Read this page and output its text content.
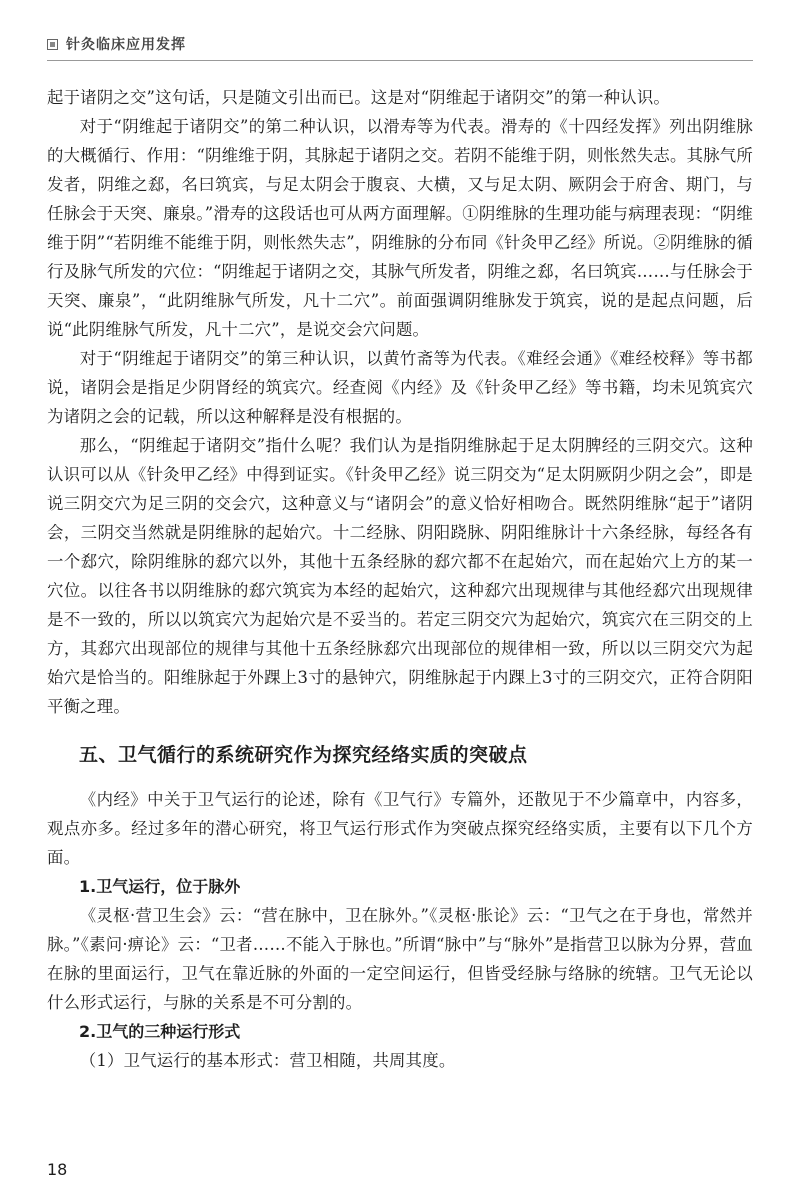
针灸临床应用发挥

起于诸阴之交”这句话，只是随文引出而已。这是对“阴维起于诸阴交”的第一种认识。

对于“阴维起于诸阴交”的第二种认识，以滑寿等为代表。滑寿的《十四经发挥》列出阴维脉的大概循行、作用：“阴维维于阴，其脉起于诸阴之交。若阴不能维于阴，则怅然失志。其脉气所发者，阴维之郄，名曰筑宾，与足太阴会于腹哀、大横，又与足太阴、厥阴会于府舍、期门，与任脉会于天突、廉泉。”滑寿的这段话也可从两方面理解。①阴维脉的生理功能与病理表现：“阴维维于阴”“若阴维不能维于阴，则怅然失志”，阴维脉的分布同《针灸甲乙经》所说。②阴维脉的循行及脉气所发的穴位：“阴维起于诸阴之交，其脉气所发者，阴维之郄，名曰筑宾……与任脉会于天突、廉泉”，“此阴维脉气所发，凡十二穴”。前面强调阴维脉发于筑宾，说的是起点问题，后说“此阴维脉气所发，凡十二穴”，是说交会穴问题。

对于“阴维起于诸阴交”的第三种认识，以黄竹斋等为代表。《难经会通》《难经校释》等书都说，诸阴会是指足少阴肾经的筑宾穴。经查阅《内经》及《针灸甲乙经》等书籍，均未见筑宾穴为诸阴之会的记载，所以这种解释是没有根据的。

那么，“阴维起于诸阴交”指什么呢？我们认为是指阴维脉起于足太阴脾经的三阴交穴。这种认识可以从《针灸甲乙经》中得到证实。《针灸甲乙经》说三阴交为“足太阴厥阴少阴之会”，即是说三阴交穴为足三阴的交会穴，这种意义与“诸阴会”的意义恰好相吻合。既然阴维脉“起于”诸阴会，三阴交当然就是阴维脉的起始穴。十二经脉、阴阳跷脉、阴阳维脉计十六条经脉，每经各有一个郄穴，除阴维脉的郄穴以外，其他十五条经脉的郄穴都不在起始穴，而在起始穴上方的某一穴位。以往各书以阴维脉的郄穴筑宾为本经的起始穴，这种郄穴出现规律与其他经郄穴出现规律是不一致的，所以以筑宾穴为起始穴是不妥当的。若定三阴交穴为起始穴，筑宾穴在三阴交的上方，其郄穴出现部位的规律与其他十五条经脉郄穴出现部位的规律相一致，所以以三阴交穴为起始穴是恰当的。阳维脉起于外踝上3寸的悬钟穴，阴维脉起于内踝上3寸的三阴交穴，正符合阴阳平衡之理。

五、卫气循行的系统研究作为探究经络实质的突破点

《内经》中关于卫气运行的论述，除有《卫气行》专篇外，还散见于不少篇章中，内容多，观点亦多。经过多年的潜心研究，将卫气运行形式作为突破点探究经络实质，主要有以下几个方面。

1.卫气运行，位于脉外

《灵枢·营卫生会》云：“营在脉中，卫在脉外。”《灵枢·胀论》云：“卫气之在于身也，常然并脉。”《素问·痹论》云：“卫者……不能入于脉也。”所谓“脉中”与“脉外”是指营卫以脉为分界，营血在脉的里面运行，卫气在靠近脉的外面的一定空间运行，但皆受经脉与络脉的统辖。卫气无论以什么形式运行，与脉的关系是不可分割的。

2.卫气的三种运行形式

（1）卫气运行的基本形式：营卫相随，共周其度。

18
